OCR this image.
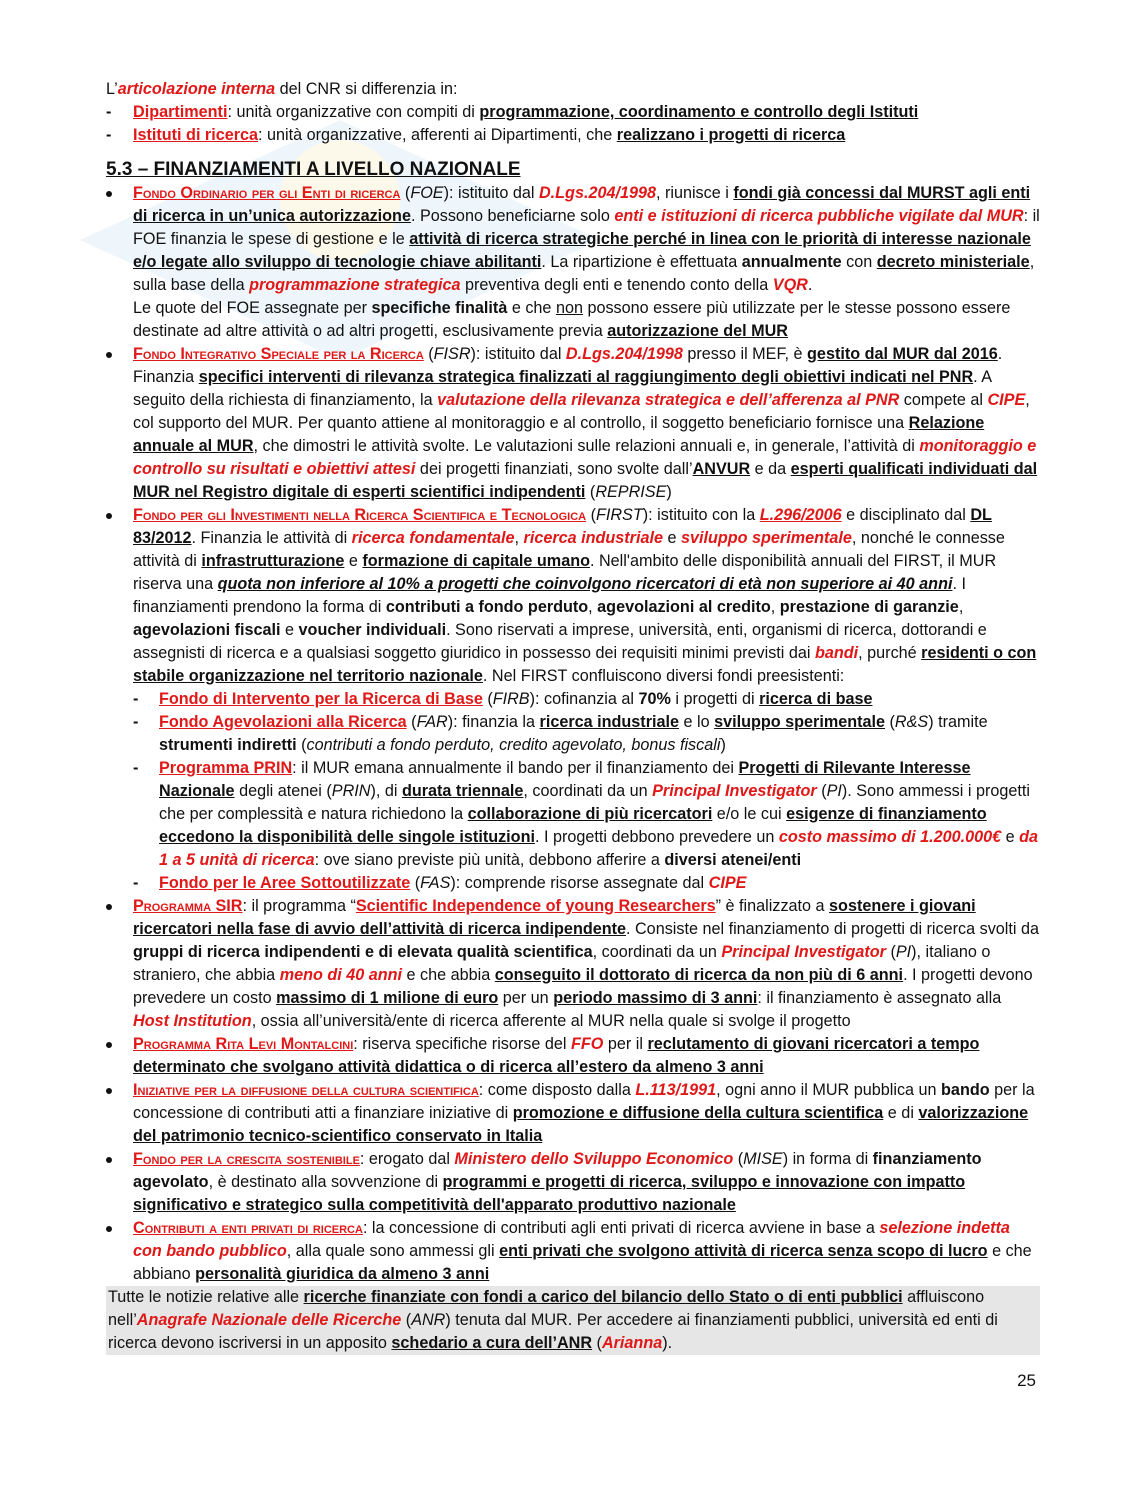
L’articolazione interna del CNR si differenzia in:

- Dipartimenti: unità organizzative con compiti di programmazione, coordinamento e controllo degli Istituti

- Istituti di ricerca: unità organizzative, afferenti ai Dipartimenti, che realizzano i progetti di ricerca

5.3 – FINANZIAMENTI A LIVELLO NAZIONALE
Fondo Ordinario per gli Enti di ricerca (FOE): istituito dal D.Lgs.204/1998, riunisce i fondi già concessi dal MURST agli enti di ricerca in un’unica autorizzazione. Possono beneficiarne solo enti e istituzioni di ricerca pubbliche vigilate dal MUR: il FOE finanzia le spese di gestione e le attività di ricerca strategiche perché in linea con le priorità di interesse nazionale e/o legate allo sviluppo di tecnologie chiave abilitanti. La ripartizione è effettuata annualmente con decreto ministeriale, sulla base della programmazione strategica preventiva degli enti e tenendo conto della VQR.
Le quote del FOE assegnate per specifiche finalità e che non possono essere più utilizzate per le stesse possono essere destinate ad altre attività o ad altri progetti, esclusivamente previa autorizzazione del MUR
Fondo Integrativo Speciale per la Ricerca (FISR): istituito dal D.Lgs.204/1998 presso il MEF, è gestito dal MUR dal 2016. Finanzia specifici interventi di rilevanza strategica finalizzati al raggiungimento degli obiettivi indicati nel PNR. A seguito della richiesta di finanziamento, la valutazione della rilevanza strategica e dell’afferenza al PNR compete al CIPE, col supporto del MUR. Per quanto attiene al monitoraggio e al controllo, il soggetto beneficiario fornisce una Relazione annuale al MUR, che dimostri le attività svolte. Le valutazioni sulle relazioni annuali e, in generale, l’attività di monitoraggio e controllo su risultati e obiettivi attesi dei progetti finanziati, sono svolte dall’ANVUR e da esperti qualificati individuati dal MUR nel Registro digitale di esperti scientifici indipendenti (REPRISE)
Fondo per gli Investimenti nella Ricerca Scientifica e Tecnologica (FIRST): istituito con la L.296/2006 e disciplinato dal DL 83/2012. Finanzia le attività di ricerca fondamentale, ricerca industriale e sviluppo sperimentale, nonché le connesse attività di infrastrutturazione e formazione di capitale umano. Nell'ambito delle disponibilità annuali del FIRST, il MUR riserva una quota non inferiore al 10% a progetti che coinvolgono ricercatori di età non superiore ai 40 anni. I finanziamenti prendono la forma di contributi a fondo perduto, agevolazioni al credito, prestazione di garanzie, agevolazioni fiscali e voucher individuali. Sono riservati a imprese, università, enti, organismi di ricerca, dottorandi e assegnisti di ricerca e a qualsiasi soggetto giuridico in possesso dei requisiti minimi previsti dai bandi, purché residenti o con stabile organizzazione nel territorio nazionale. Nel FIRST confluiscono diversi fondi preesistenti:
- Fondo di Intervento per la Ricerca di Base (FIRB): cofinanzia al 70% i progetti di ricerca di base
- Fondo Agevolazioni alla Ricerca (FAR): finanzia la ricerca industriale e lo sviluppo sperimentale (R&S) tramite strumenti indiretti (contributi a fondo perduto, credito agevolato, bonus fiscali)
- Programma PRIN: il MUR emana annualmente il bando per il finanziamento dei Progetti di Rilevante Interesse Nazionale degli atenei (PRIN), di durata triennale, coordinati da un Principal Investigator (PI). Sono ammessi i progetti che per complessità e natura richiedono la collaborazione di più ricercatori e/o le cui esigenze di finanziamento eccedono la disponibilità delle singole istituzioni. I progetti debbono prevedere un costo massimo di 1.200.000€ e da 1 a 5 unità di ricerca: ove siano previste più unità, debbono afferire a diversi atenei/enti
- Fondo per le Aree Sottoutilizzate (FAS): comprende risorse assegnate dal CIPE
Programma SIR: il programma “Scientific Independence of young Researchers” è finalizzato a sostenere i giovani ricercatori nella fase di avvio dell’attività di ricerca indipendente. Consiste nel finanziamento di progetti di ricerca svolti da gruppi di ricerca indipendenti e di elevata qualità scientifica, coordinati da un Principal Investigator (PI), italiano o straniero, che abbia meno di 40 anni e che abbia conseguito il dottorato di ricerca da non più di 6 anni. I progetti devono prevedere un costo massimo di 1 milione di euro per un periodo massimo di 3 anni: il finanziamento è assegnato alla Host Institution, ossia all’università/ente di ricerca afferente al MUR nella quale si svolge il progetto
Programma Rita Levi Montalcini: riserva specifiche risorse del FFO per il reclutamento di giovani ricercatori a tempo determinato che svolgano attività didattica o di ricerca all’estero da almeno 3 anni
Iniziative per la diffusione della cultura scientifica: come disposto dalla L.113/1991, ogni anno il MUR pubblica un bando per la concessione di contributi atti a finanziare iniziative di promozione e diffusione della cultura scientifica e di valorizzazione del patrimonio tecnico-scientifico conservato in Italia
Fondo per la crescita sostenibile: erogato dal Ministero dello Sviluppo Economico (MISE) in forma di finanziamento agevolato, è destinato alla sovvenzione di programmi e progetti di ricerca, sviluppo e innovazione con impatto significativo e strategico sulla competitività dell'apparato produttivo nazionale
Contributi a enti privati di ricerca: la concessione di contributi agli enti privati di ricerca avviene in base a selezione indetta con bando pubblico, alla quale sono ammessi gli enti privati che svolgono attività di ricerca senza scopo di lucro e che abbiano personalità giuridica da almeno 3 anni
Tutte le notizie relative alle ricerche finanziate con fondi a carico del bilancio dello Stato o di enti pubblici affluiscono nell’Anagrafe Nazionale delle Ricerche (ANR) tenuta dal MUR. Per accedere ai finanziamenti pubblici, università ed enti di ricerca devono iscriversi in un apposito schedario a cura dell’ANR (Arianna).
25
